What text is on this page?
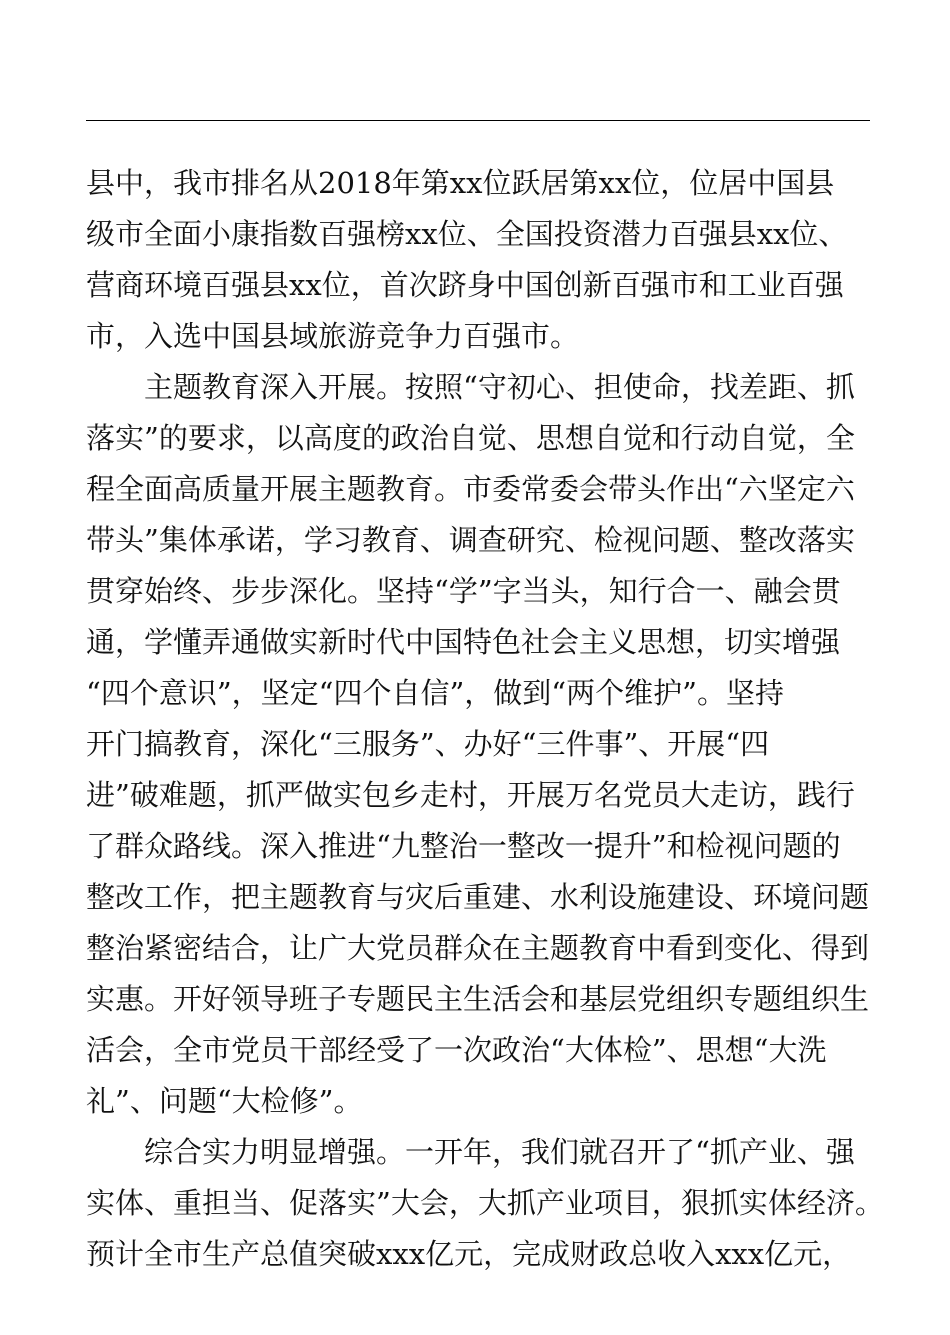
县中，我市排名从2018年第xx位跃居第xx位，位居中国县
级市全面小康指数百强榜xx位、全国投资潜力百强县xx位、
营商环境百强县xx位，首次跻身中国创新百强市和工业百强
市，入选中国县域旅游竞争力百强市。
主题教育深入开展。按照“守初心、担使命，找差距、抓
落实”的要求，以高度的政治自觉、思想自觉和行动自觉，全
程全面高质量开展主题教育。市委常委会带头作出“六坚定六
带头”集体承诺，学习教育、调查研究、检视问题、整改落实
贯穿始终、步步深化。坚持“学”字当头，知行合一、融会贯
通，学懂弄通做实新时代中国特色社会主义思想，切实增强
“四个意识”，坚定“四个自信”，做到“两个维护”。坚持
开门搞教育，深化“三服务”、办好“三件事”、开展“四
进”破难题，抓严做实包乡走村，开展万名党员大走访，践行
了群众路线。深入推进“九整治一整改一提升”和检视问题的
整改工作，把主题教育与灾后重建、水利设施建设、环境问题
整治紧密结合，让广大党员群众在主题教育中看到变化、得到
实惠。开好领导班子专题民主生活会和基层党组织专题组织生
活会，全市党员干部经受了一次政治“大体检”、思想“大洗
礼”、问题“大检修”。
综合实力明显增强。一开年，我们就召开了“抓产业、强
实体、重担当、促落实”大会，大抓产业项目，狠抓实体经济。
预计全市生产总值突破xxx亿元，完成财政总收入xxx亿元，
